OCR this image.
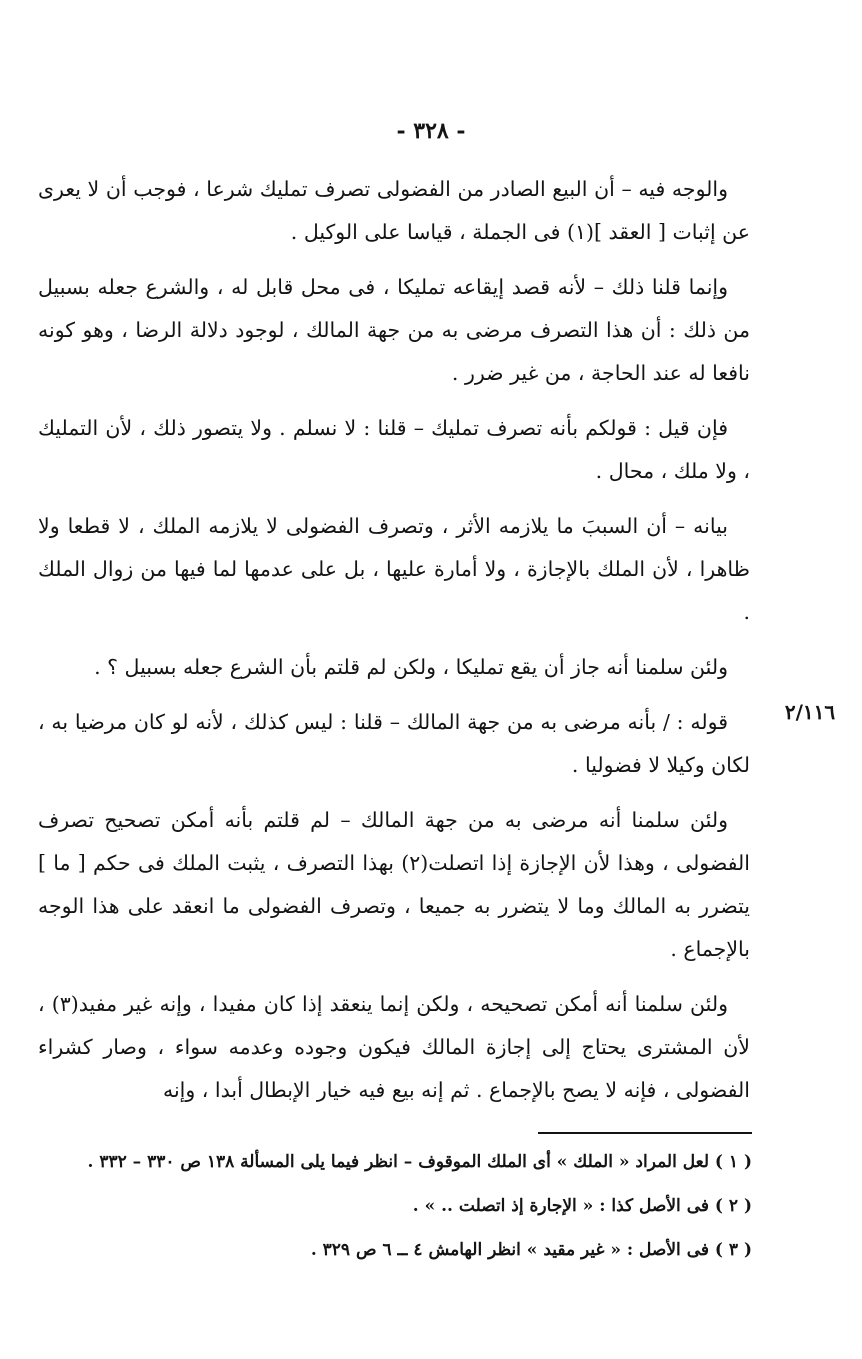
- ٣٢٨ -

والوجه فيه – أن البيع الصادر من الفضولى تصرف تمليك شرعا ، فوجب أن لا يعرى عن إثبات [ العقد ](١) فى الجملة ، قياسا على الوكيل .

وإنما قلنا ذلك – لأنه قصد إيقاعه تمليكا ، فى محل قابل له ، والشرع جعله بسبيل من ذلك : أن هذا التصرف مرضى به من جهة المالك ، لوجود دلالة الرضا ، وهو كونه نافعا له عند الحاجة ، من غير ضرر .

فإن قيل : قولكم بأنه تصرف تمليك – قلنا : لا نسلم . ولا يتصور ذلك ، لأن التمليك ، ولا ملك ، محال .

بيانه – أن السببَ ما يلازمه الأثر ، وتصرف الفضولى لا يلازمه الملك ، لا قطعا ولا ظاهرا ، لأن الملك بالإجازة ، ولا أمارة عليها ، بل على عدمها لما فيها من زوال الملك .

ولئن سلمنا أنه جاز أن يقع تمليكا ، ولكن لم قلتم بأن الشرع جعله بسبيل ؟ .

قوله : / بأنه مرضى به من جهة المالك – قلنا : ليس كذلك ، لأنه لو كان مرضيا به ، لكان وكيلا لا فضوليا .

ولئن سلمنا أنه مرضى به من جهة المالك – لم قلتم بأنه أمكن تصحيح تصرف الفضولى ، وهذا لأن الإجازة إذا اتصلت(٢) بهذا التصرف ، يثبت الملك فى حكم [ ما ] يتضرر به المالك وما لا يتضرر به جميعا ، وتصرف الفضولى ما انعقد على هذا الوجه بالإجماع .

ولئن سلمنا أنه أمكن تصحيحه ، ولكن إنما ينعقد إذا كان مفيدا ، وإنه غير مفيد(٣) ، لأن المشترى يحتاج إلى إجازة المالك فيكون وجوده وعدمه سواء ، وصار كشراء الفضولى ، فإنه لا يصح بالإجماع . ثم إنه بيع فيه خيار الإبطال أبدا ، وإنه

٢/١١٦

( ١ ) لعل المراد « الملك » أى الملك الموقوف – انظر فيما يلى المسألة ١٣٨ ص ٣٣٠ – ٣٣٢ .

( ٢ ) فى الأصل كذا : « الإجارة إذ اتصلت .. » .

( ٣ ) فى الأصل : « غير مقيد » انظر الهامش ٤ ــ ٦ ص ٣٢٩ .
